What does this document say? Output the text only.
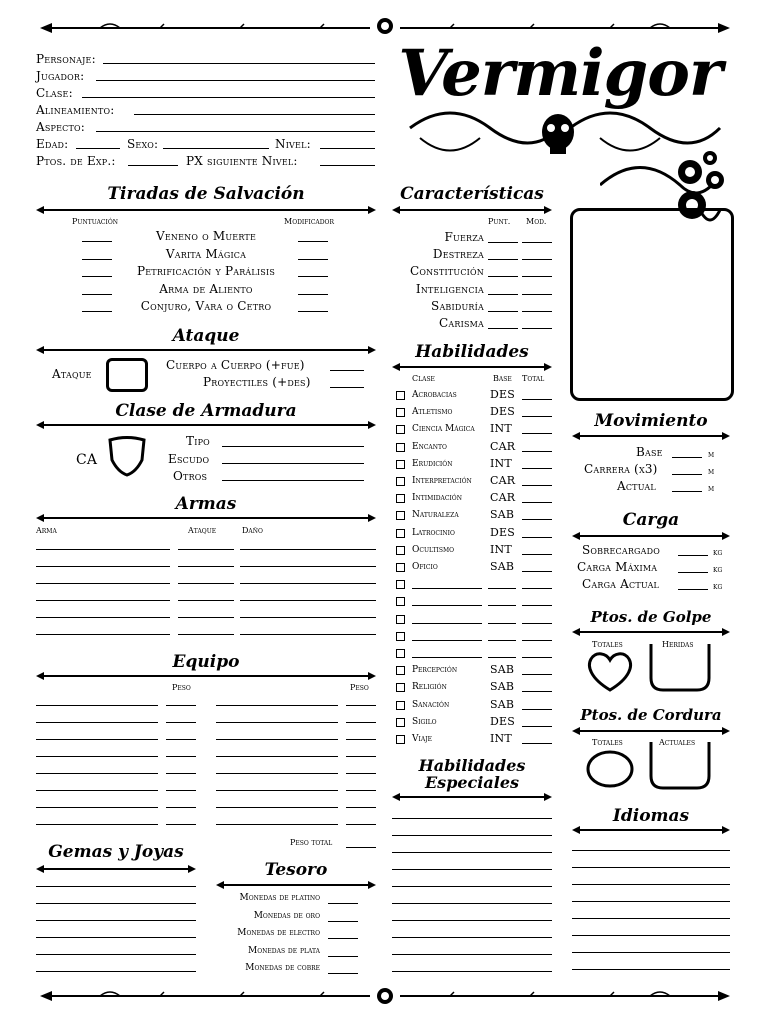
Vermigor
Personaje:
Jugador:
Clase:
Alineamiento:
Aspecto:
Edad:	Sexo:	Nivel:
Ptos. de Exp.:	PX siguiente Nivel:
Tiradas de Salvación
Puntuación	Modificador
Veneno o Muerte
Varita Mágica
Petrificación y Parálisis
Arma de Aliento
Conjuro, Vara o Cetro
Ataque
Ataque
Cuerpo a Cuerpo (+fue)
Proyectiles (+des)
Clase de Armadura
CA
Tipo
Escudo
Otros
Armas
Arma	Ataque	Daño
Equipo
Peso	Peso
Peso total
Gemas y Joyas
Tesoro
Monedas de platino
Monedas de oro
Monedas de electro
Monedas de plata
Monedas de cobre
Características
Punt. Mod.
Fuerza
Destreza
Constitución
Inteligencia
Sabiduría
Carisma
Habilidades
Clase	Base Total
Acrobacias	DES
Atletismo	DES
Ciencia Mágica INT
Encanto	CAR
Erudición	INT
Interpretación CAR
Intimidación	CAR
Naturaleza	SAB
Latrocinio	DES
Ocultismo	INT
Oficio	SAB
Percepción	SAB
Religión	SAB
Sanación	SAB
Sigilo	DES
Viaje	INT
Habilidades
Especiales
Movimiento
Base	m
Carrera (x3)	m
Actual	m
Carga
Sobrecargado	kg
Carga Máxima	kg
Carga Actual	kg
Ptos. de Golpe
Totales	Heridas
Ptos. de Cordura
Totales	Actuales
Idiomas
